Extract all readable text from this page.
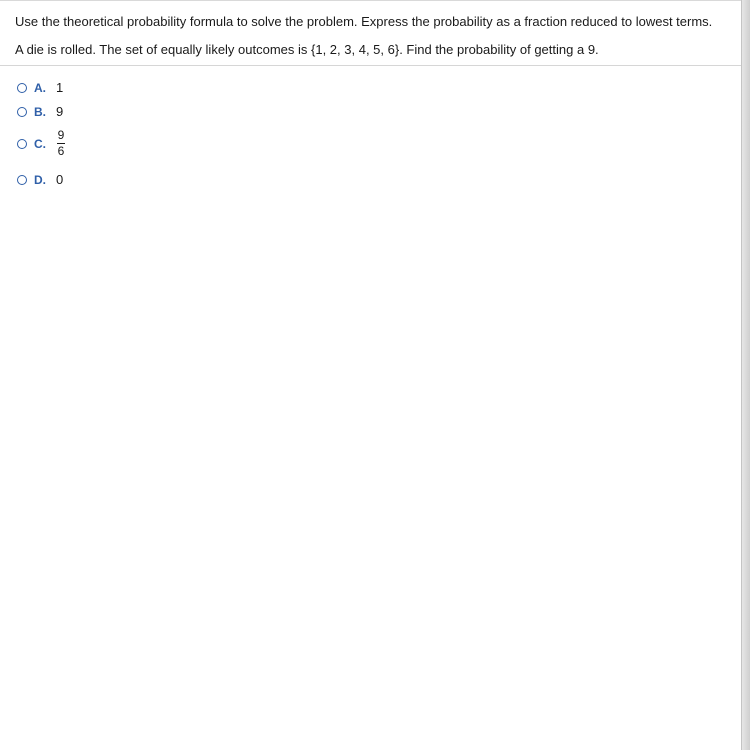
Use the theoretical probability formula to solve the problem. Express the probability as a fraction reduced to lowest terms.
A die is rolled. The set of equally likely outcomes is {1, 2, 3, 4, 5, 6}. Find the probability of getting a 9.
A. 1
B. 9
C. $\frac{9}{6}$
D. 0
